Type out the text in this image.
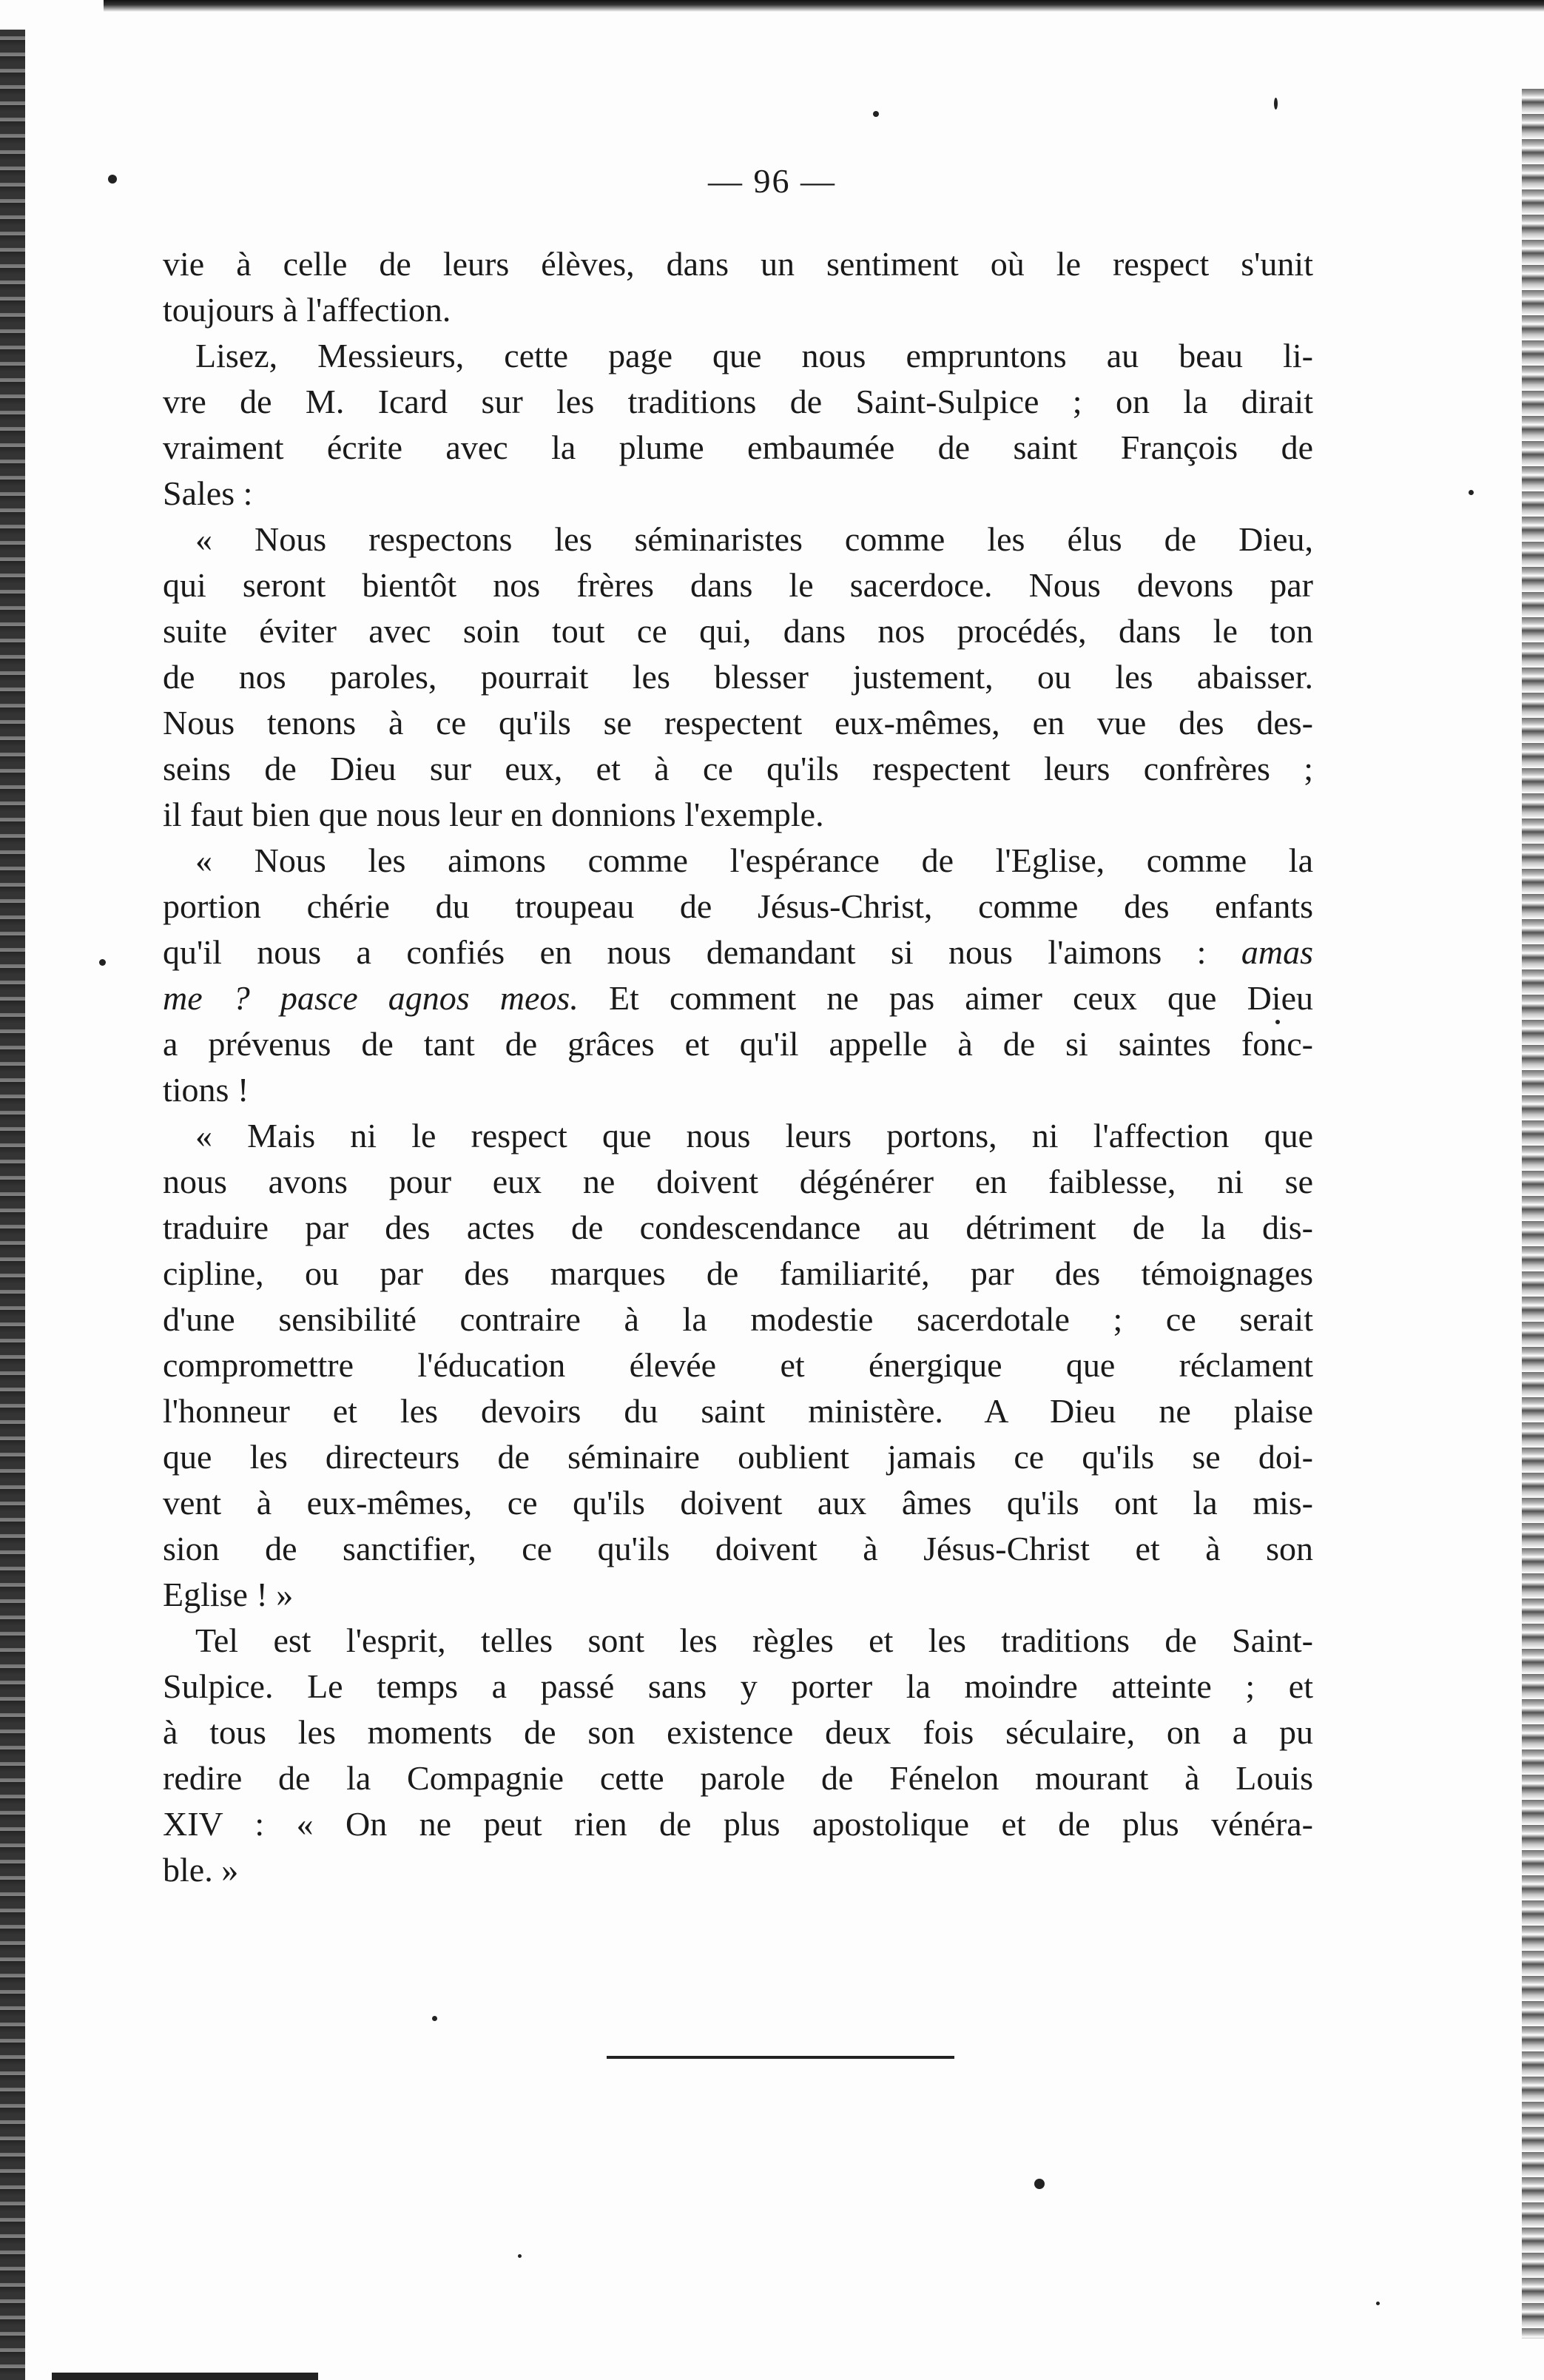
— 96 —
vie à celle de leurs élèves, dans un sentiment où le respect s'unit
toujours à l'affection.
Lisez, Messieurs, cette page que nous empruntons au beau li-
vre de M. Icard sur les traditions de Saint-Sulpice ; on la dirait
vraiment écrite avec la plume embaumée de saint François de
Sales :
« Nous respectons les séminaristes comme les élus de Dieu,
qui seront bientôt nos frères dans le sacerdoce. Nous devons par
suite éviter avec soin tout ce qui, dans nos procédés, dans le ton
de nos paroles, pourrait les blesser justement, ou les abaisser.
Nous tenons à ce qu'ils se respectent eux-mêmes, en vue des des-
seins de Dieu sur eux, et à ce qu'ils respectent leurs confrères ;
il faut bien que nous leur en donnions l'exemple.
« Nous les aimons comme l'espérance de l'Eglise, comme la
portion chérie du troupeau de Jésus-Christ, comme des enfants
qu'il nous a confiés en nous demandant si nous l'aimons : amas
me ? pasce agnos meos. Et comment ne pas aimer ceux que Dieu
a prévenus de tant de grâces et qu'il appelle à de si saintes fonc-
tions !
« Mais ni le respect que nous leurs portons, ni l'affection que
nous avons pour eux ne doivent dégénérer en faiblesse, ni se
traduire par des actes de condescendance au détriment de la dis-
cipline, ou par des marques de familiarité, par des témoignages
d'une sensibilité contraire à la modestie sacerdotale ; ce serait
compromettre l'éducation élevée et énergique que réclament
l'honneur et les devoirs du saint ministère. A Dieu ne plaise
que les directeurs de séminaire oublient jamais ce qu'ils se doi-
vent à eux-mêmes, ce qu'ils doivent aux âmes qu'ils ont la mis-
sion de sanctifier, ce qu'ils doivent à Jésus-Christ et à son
Eglise ! »
Tel est l'esprit, telles sont les règles et les traditions de Saint-
Sulpice. Le temps a passé sans y porter la moindre atteinte ; et
à tous les moments de son existence deux fois séculaire, on a pu
redire de la Compagnie cette parole de Fénelon mourant à Louis
XIV : « On ne peut rien de plus apostolique et de plus vénéra-
ble. »
